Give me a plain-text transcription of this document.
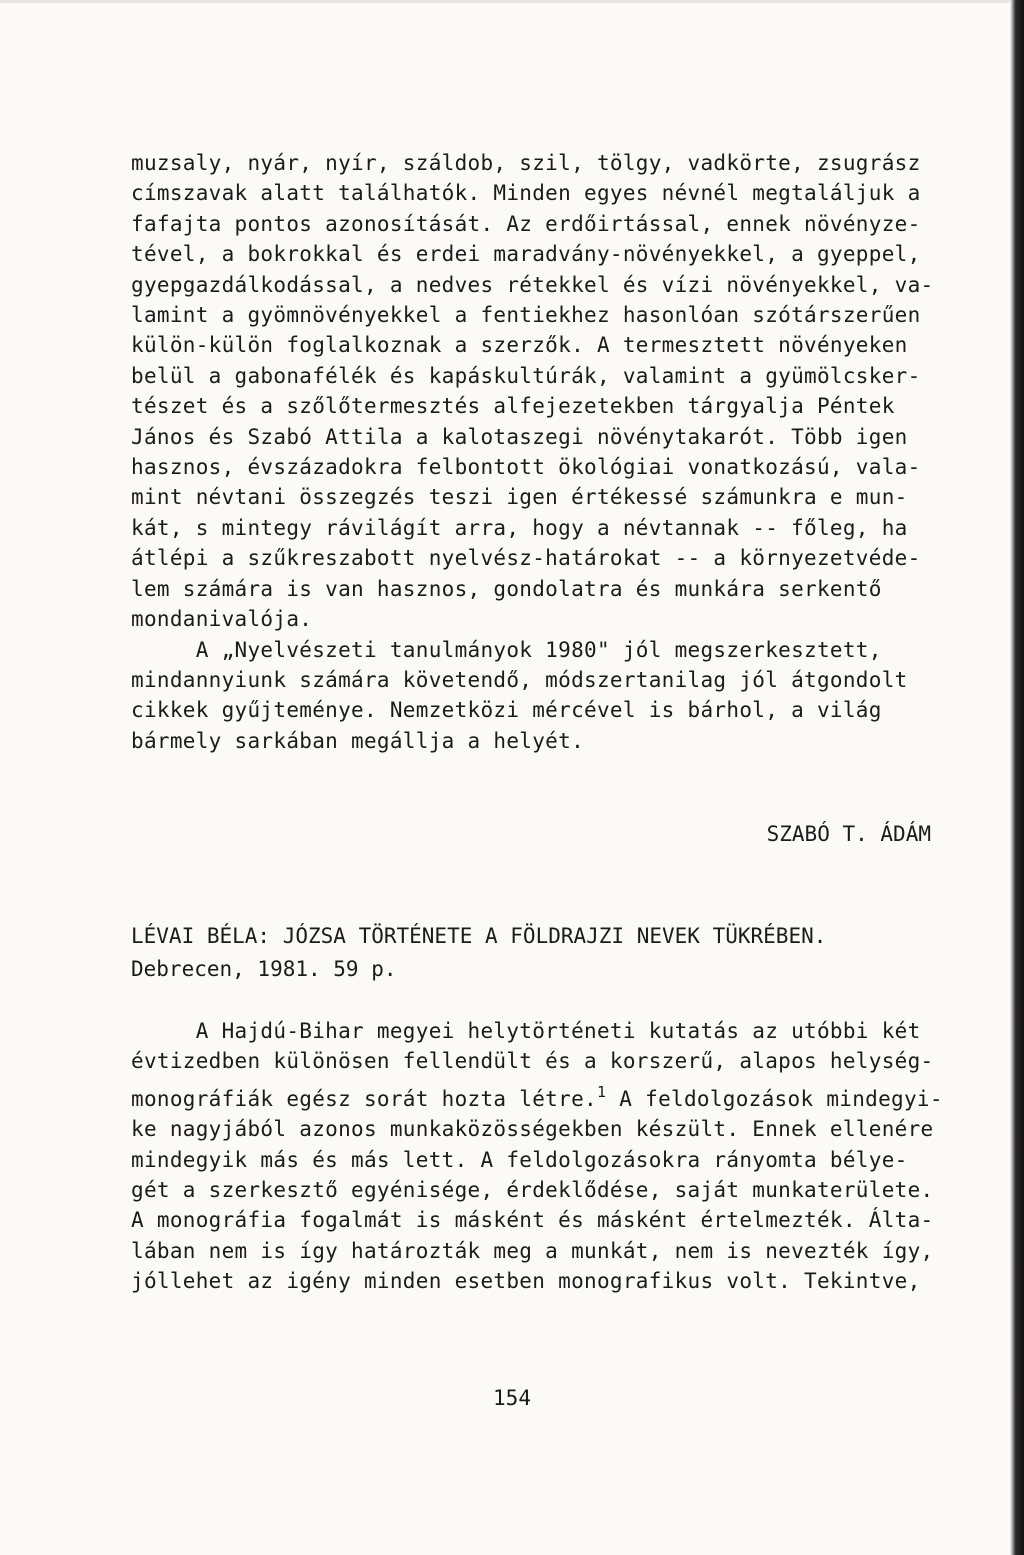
muzsaly, nyár, nyír, száldob, szil, tölgy, vadkörte, zsugrász
címszavak alatt találhatók. Minden egyes névnél megtaláljuk a
fafajta pontos azonosítását. Az erdőirtással, ennek növényze-
tével, a bokrokkal és erdei maradvány-növényekkel, a gyeppel,
gyepgazdálkodással, a nedves rétekkel és vízi növényekkel, va-
lamint a gyömnövényekkel a fentiekhez hasonlóan szótárszerűen
külön-külön foglalkoznak a szerzők. A termesztett növényeken
belül a gabonafélék és kapáskultúrák, valamint a gyümölcsker-
tészet és a szőlőtermesztés alfejezetekben tárgyalja Péntek
János és Szabó Attila a kalotaszegi növénytakarót. Több igen
hasznos, évszázadokra felbontott ökológiai vonatkozású, vala-
mint névtani összegzés teszi igen értékessé számunkra e mun-
kát, s mintegy rávilágít arra, hogy a névtannak -- főleg, ha
átlépi a szűkreszabott nyelvész-határokat -- a környezetvéde-
lem számára is van hasznos, gondolatra és munkára serkentő
mondanivalója.
A „Nyelvészeti tanulmányok 1980" jól megszerkesztett,
mindannyiunk számára követendő, módszertanilag jól átgondolt
cikkek gyűjteménye. Nemzetközi mércével is bárhol, a világ
bármely sarkában megállja a helyét.
SZABÓ T. ÁDÁM
LÉVAI BÉLA: JÓZSA TÖRTÉNETE A FÖLDRAJZI NEVEK TÜKRÉBEN.
Debrecen, 1981. 59 p.
A Hajdú-Bihar megyei helytörténeti kutatás az utóbbi két
évtizedben különösen fellendült és a korszerű, alapos helység-
monográfiák egész sorát hozta létre.$^1$ A feldolgozások mindegyi-
ke nagyjából azonos munkaközösségekben készült. Ennek ellenére
mindegyik más és más lett. A feldolgozásokra rányomta bélye-
gét a szerkesztő egyénisége, érdeklődése, saját munkaterülete.
A monográfia fogalmát is másként és másként értelmezték. Álta-
lában nem is így határozták meg a munkát, nem is nevezték így,
jóllehet az igény minden esetben monografikus volt. Tekintve,
154
